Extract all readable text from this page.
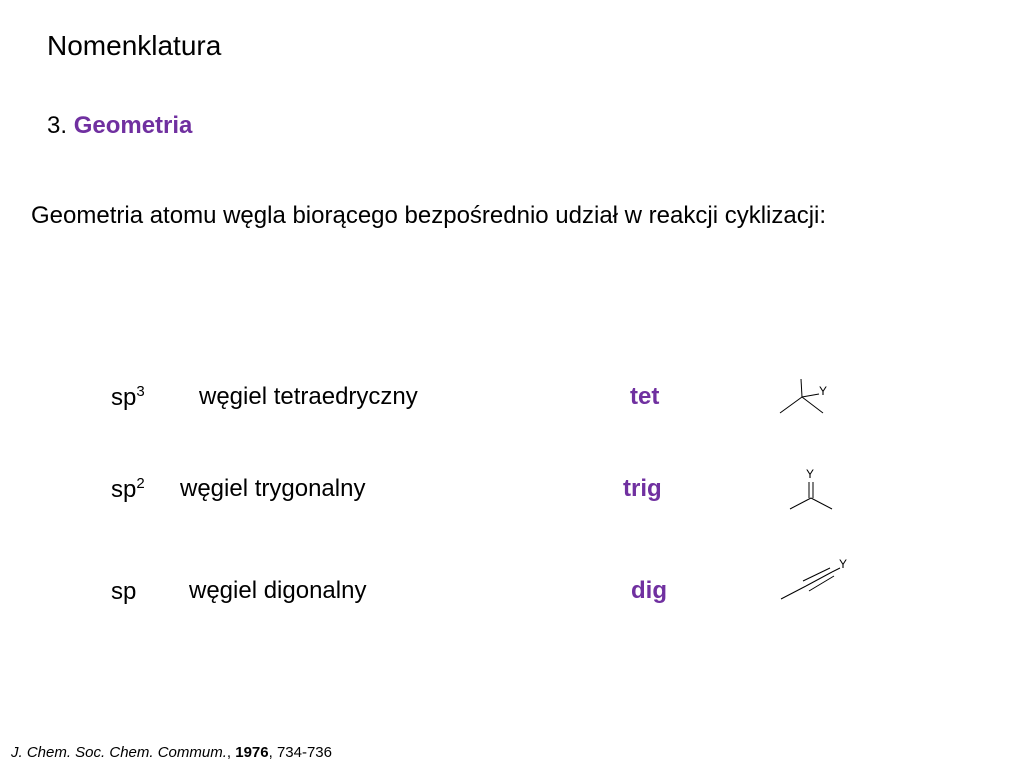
Nomenklatura
3. Geometria
Geometria atomu węgla biorącego bezpośrednio udział w reakcji cyklizacji:
$sp^3$ węgiel tetraedryczny	tet	Y
$sp^2$ węgiel trygonalny	trig
Y
sp węgiel digonalny	dig
Y
J. Chem. Soc. Chem. Commum., 1976, 734-736
